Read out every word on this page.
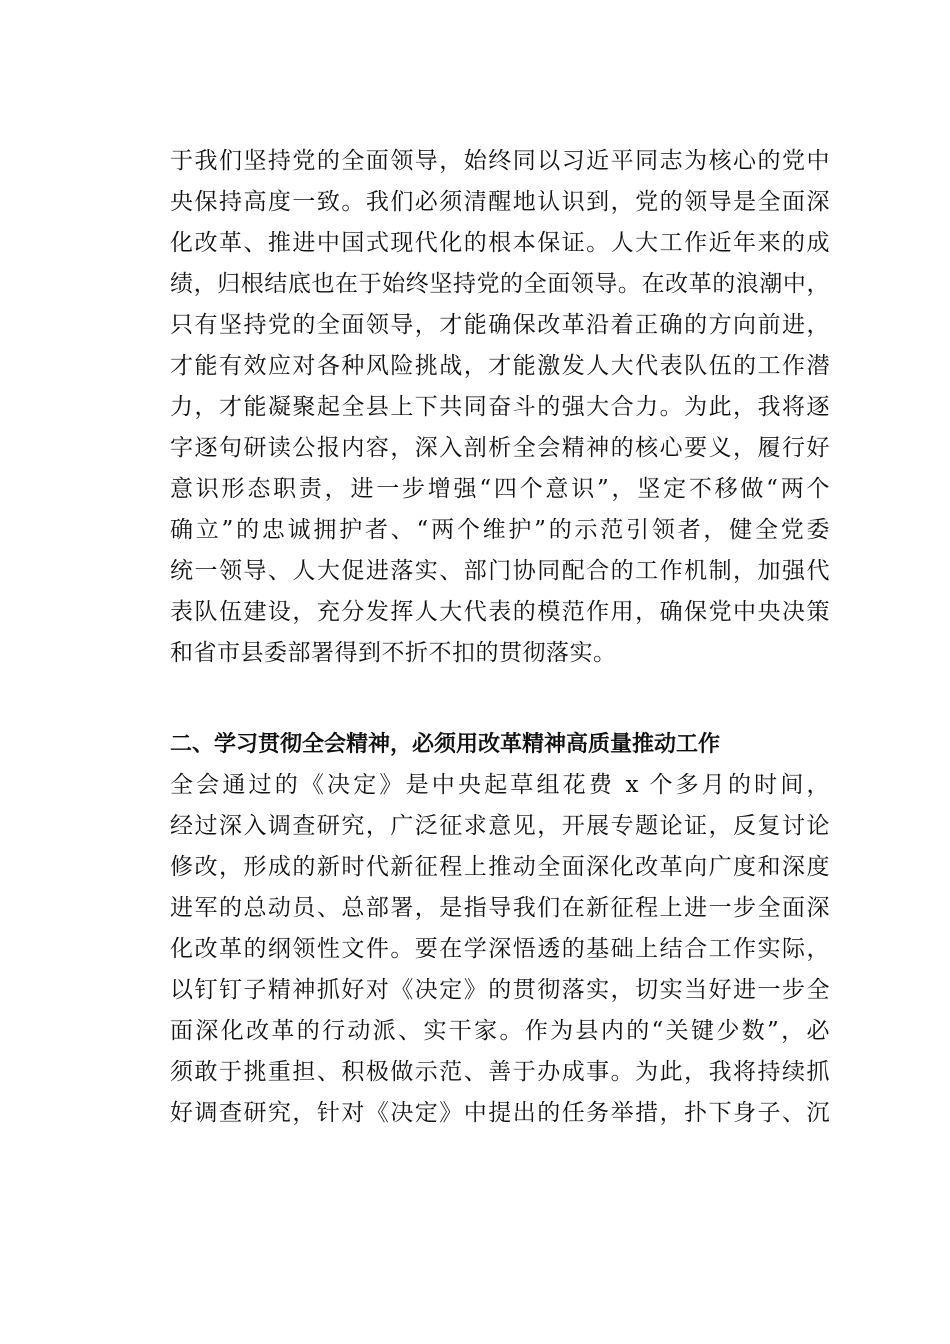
于我们坚持党的全面领导，始终同以习近平同志为核心的党中
央保持高度一致。我们必须清醒地认识到，党的领导是全面深
化改革、推进中国式现代化的根本保证。人大工作近年来的成
绩，归根结底也在于始终坚持党的全面领导。在改革的浪潮中，
只有坚持党的全面领导，才能确保改革沿着正确的方向前进，
才能有效应对各种风险挑战，才能激发人大代表队伍的工作潜
力，才能凝聚起全县上下共同奋斗的强大合力。为此，我将逐
字逐句研读公报内容，深入剖析全会精神的核心要义，履行好
意识形态职责，进一步增强“四个意识”，坚定不移做“两个
确立”的忠诚拥护者、“两个维护”的示范引领者，健全党委
统一领导、人大促进落实、部门协同配合的工作机制，加强代
表队伍建设，充分发挥人大代表的模范作用，确保党中央决策
和省市县委部署得到不折不扣的贯彻落实。
二、学习贯彻全会精神，必须用改革精神高质量推动工作
全会通过的《决定》是中央起草组花费 x 个多月的时间，
经过深入调查研究，广泛征求意见，开展专题论证，反复讨论
修改，形成的新时代新征程上推动全面深化改革向广度和深度
进军的总动员、总部署，是指导我们在新征程上进一步全面深
化改革的纲领性文件。要在学深悟透的基础上结合工作实际，
以钉钉子精神抓好对《决定》的贯彻落实，切实当好进一步全
面深化改革的行动派、实干家。作为县内的“关键少数”，必
须敢于挑重担、积极做示范、善于办成事。为此，我将持续抓
好调查研究，针对《决定》中提出的任务举措，扑下身子、沉
